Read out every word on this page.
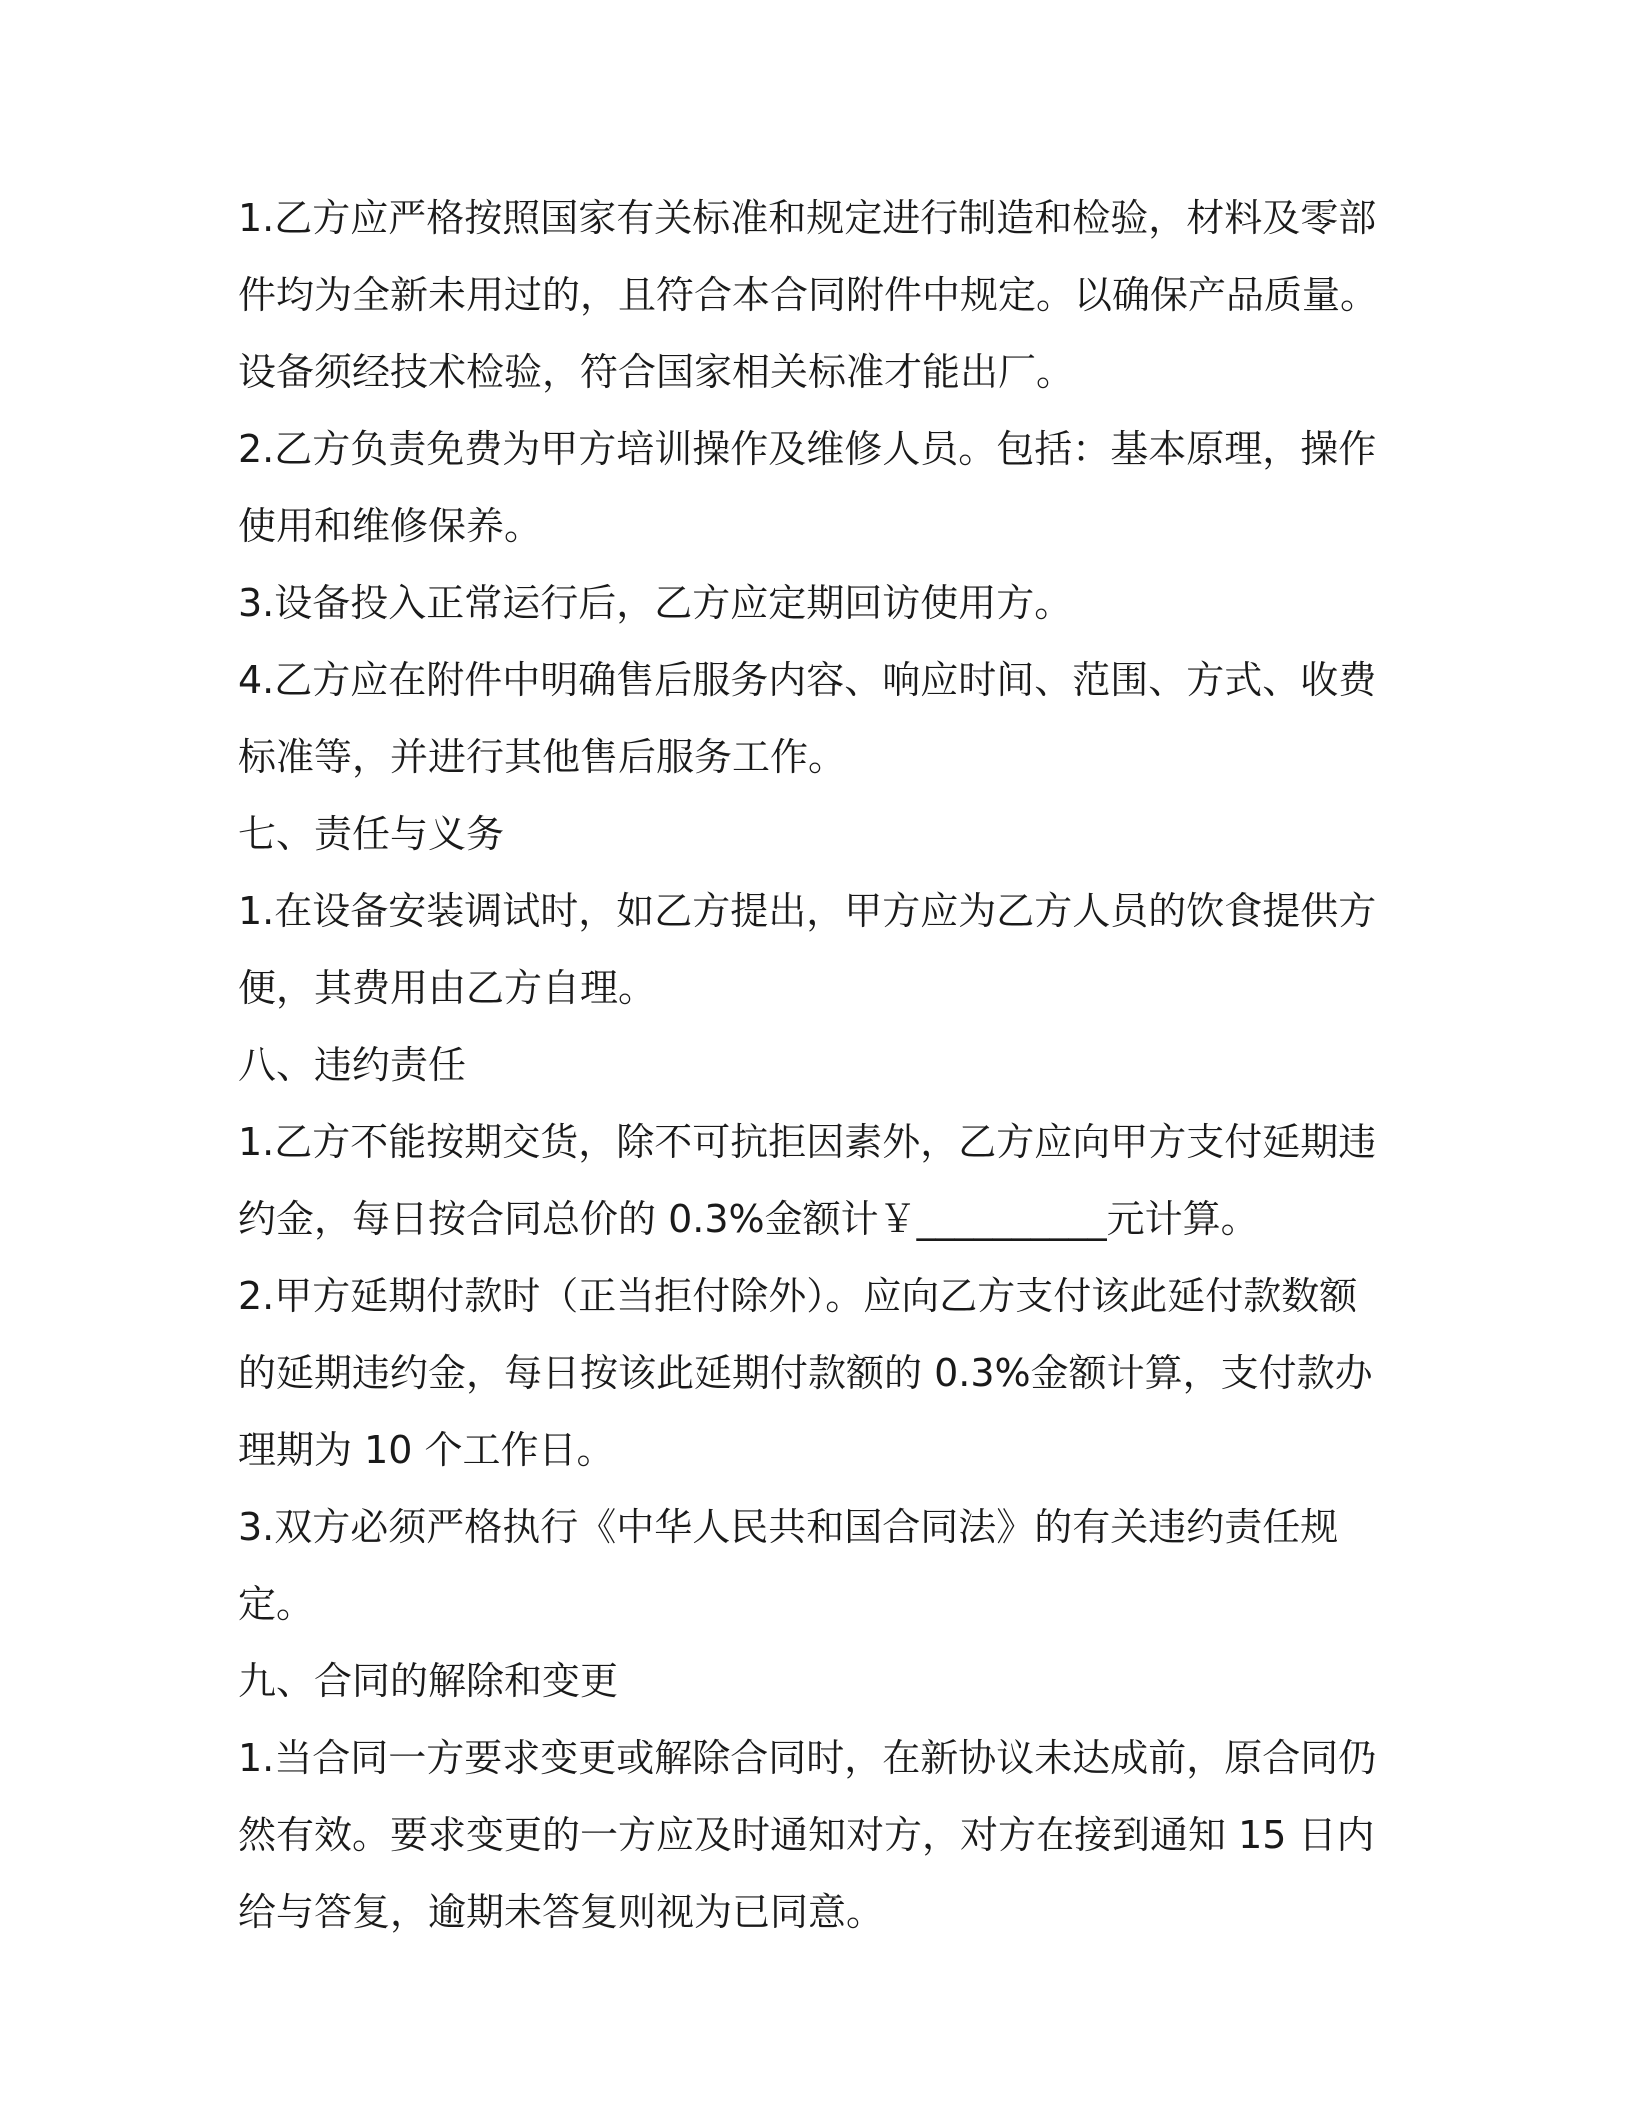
1.乙方应严格按照国家有关标准和规定进行制造和检验，材料及零部件均为全新未用过的，且符合本合同附件中规定。以确保产品质量。设备须经技术检验，符合国家相关标准才能出厂。

2.乙方负责免费为甲方培训操作及维修人员。包括：基本原理，操作使用和维修保养。

3.设备投入正常运行后，乙方应定期回访使用方。

4.乙方应在附件中明确售后服务内容、响应时间、范围、方式、收费标准等，并进行其他售后服务工作。

七、责任与义务

1.在设备安装调试时，如乙方提出，甲方应为乙方人员的饮食提供方便，其费用由乙方自理。

八、违约责任

1.乙方不能按期交货，除不可抗拒因素外，乙方应向甲方支付延期违约金，每日按合同总价的 0.3%金额计￥__________元计算。

2.甲方延期付款时（正当拒付除外）。应向乙方支付该此延付款数额的延期违约金，每日按该此延期付款额的 0.3%金额计算，支付款办理期为 10 个工作日。

3.双方必须严格执行《中华人民共和国合同法》的有关违约责任规定。

九、合同的解除和变更

1.当合同一方要求变更或解除合同时，在新协议未达成前，原合同仍然有效。要求变更的一方应及时通知对方，对方在接到通知 15 日内给与答复，逾期未答复则视为已同意。
